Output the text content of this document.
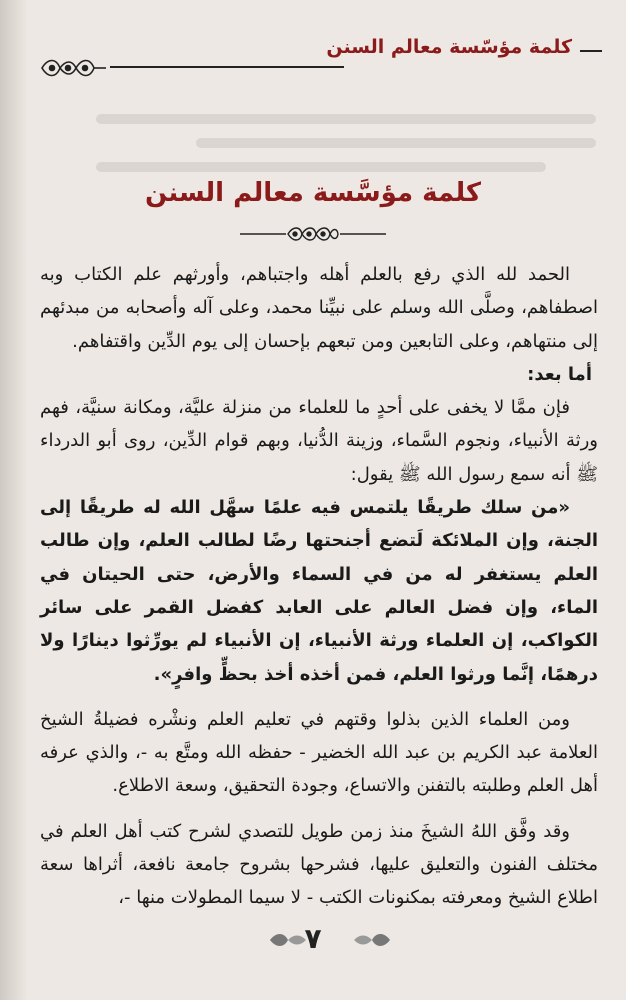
كلمة مؤسّسة معالم السنن
كلمة مؤسَّسة معالم السنن

الحمد لله الذي رفع بالعلم أهله واجتباهم، وأورثهم علم الكتاب وبه اصطفاهم، وصلَّى الله وسلم على نبيِّنا محمد، وعلى آله وأصحابه من مبدئهم إلى منتهاهم، وعلى التابعين ومن تبعهم بإحسان إلى يوم الدِّين واقتفاهم.

أما بعد:

فإن ممَّا لا يخفى على أحدٍ ما للعلماء من منزلة عليَّة، ومكانة سنيَّة، فهم ورثة الأنبياء، ونجوم السَّماء، وزينة الدُّنيا، وبهم قوام الدِّين، روى أبو الدرداء ﷺ أنه سمع رسول الله ﷺ يقول:

«من سلك طريقًا يلتمس فيه علمًا سهَّل الله له طريقًا إلى الجنة، وإن الملائكة لَتضع أجنحتها رضًا لطالب العلم، وإن طالب العلم يستغفر له من في السماء والأرض، حتى الحيتان في الماء، وإن فضل العالم على العابد كفضل القمر على سائر الكواكب، إن العلماء ورثة الأنبياء، إن الأنبياء لم يورِّثوا دينارًا ولا درهمًا، إنَّما ورثوا العلم، فمن أخذه أخذ بحظٍّ وافرٍ».

ومن العلماء الذين بذلوا وقتهم في تعليم العلم ونشْره فضيلةُ الشيخ العلامة عبد الكريم بن عبد الله الخضير - حفظه الله ومتَّع به -، والذي عرفه أهل العلم وطلبته بالتفنن والاتساع، وجودة التحقيق، وسعة الاطلاع.

وقد وفَّق اللهُ الشيخَ منذ زمن طويل للتصدي لشرح كتب أهل العلم في مختلف الفنون والتعليق عليها، فشرحها بشروح جامعة نافعة، أثراها سعة اطلاع الشيخ ومعرفته بمكنونات الكتب - لا سيما المطولات منها -،

٧
